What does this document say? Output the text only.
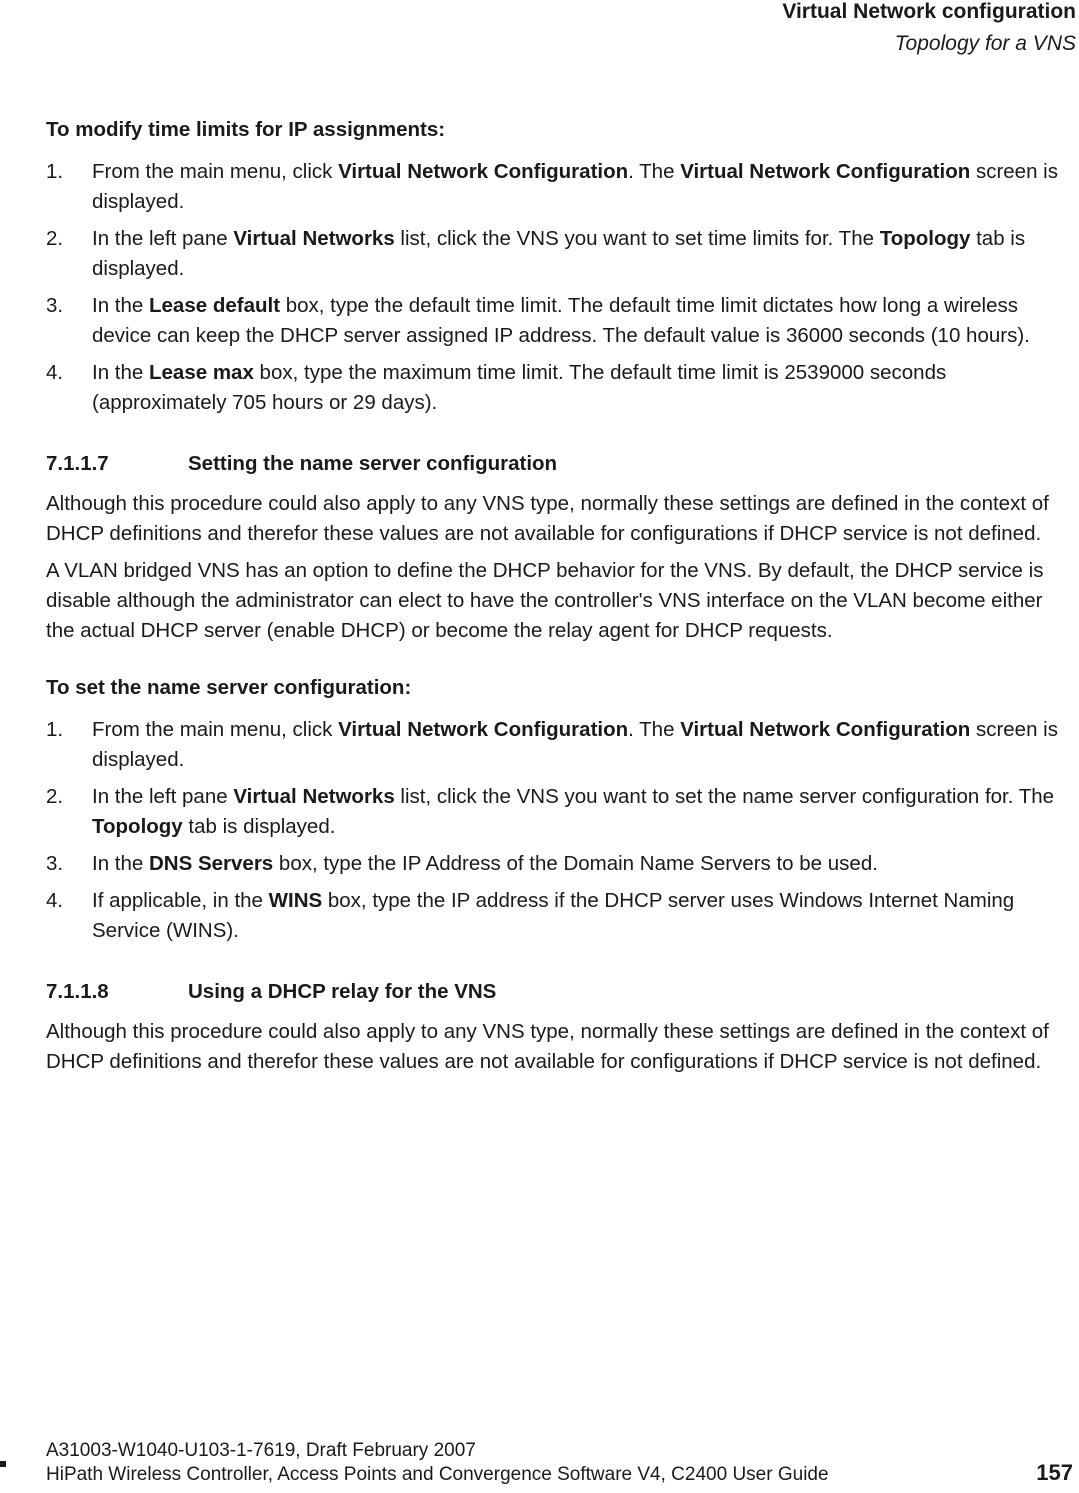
Virtual Network configuration
Topology for a VNS
To modify time limits for IP assignments:
1.	From the main menu, click Virtual Network Configuration. The Virtual Network Configuration screen is displayed.
2.	In the left pane Virtual Networks list, click the VNS you want to set time limits for. The Topology tab is displayed.
3.	In the Lease default box, type the default time limit. The default time limit dictates how long a wireless device can keep the DHCP server assigned IP address. The default value is 36000 seconds (10 hours).
4.	In the Lease max box, type the maximum time limit. The default time limit is 2539000 seconds (approximately 705 hours or 29 days).
7.1.1.7	Setting the name server configuration

Although this procedure could also apply to any VNS type, normally these settings are defined in the context of DHCP definitions and therefor these values are not available for configurations if DHCP service is not defined.

A VLAN bridged VNS has an option to define the DHCP behavior for the VNS. By default, the DHCP service is disable although the administrator can elect to have the controller's VNS interface on the VLAN become either the actual DHCP server (enable DHCP) or become the relay agent for DHCP requests.

To set the name server configuration:
1.	From the main menu, click Virtual Network Configuration. The Virtual Network Configuration screen is displayed.
2.	In the left pane Virtual Networks list, click the VNS you want to set the name server configuration for. The Topology tab is displayed.
3.	In the DNS Servers box, type the IP Address of the Domain Name Servers to be used.
4.	If applicable, in the WINS box, type the IP address if the DHCP server uses Windows Internet Naming Service (WINS).
7.1.1.8	Using a DHCP relay for the VNS

Although this procedure could also apply to any VNS type, normally these settings are defined in the context of DHCP definitions and therefor these values are not available for configurations if DHCP service is not defined.

A31003-W1040-U103-1-7619, Draft February 2007
HiPath Wireless Controller, Access Points and Convergence Software V4, C2400 User Guide	157
